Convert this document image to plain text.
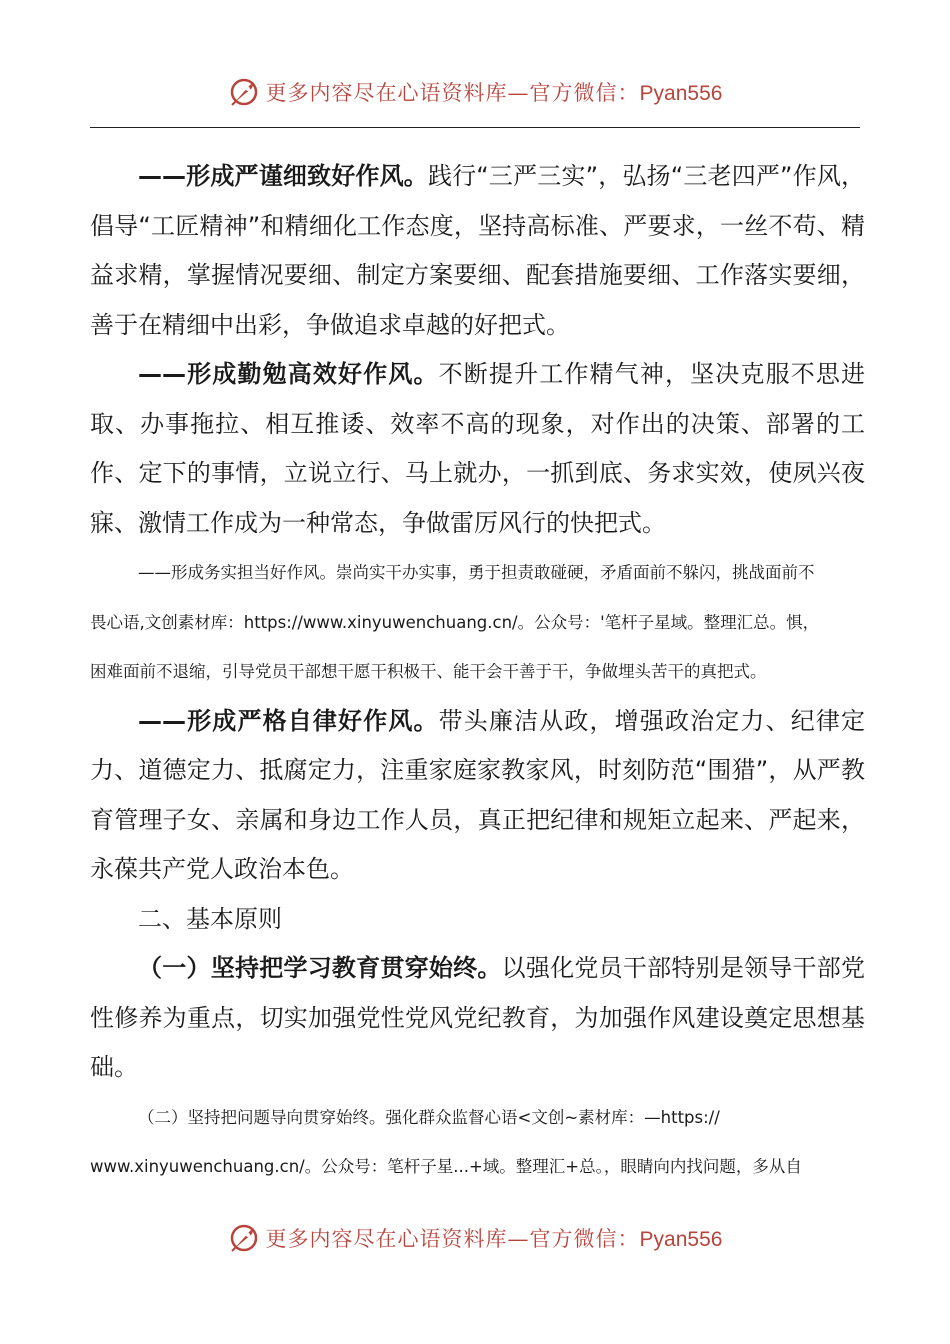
更多内容尽在心语资料库—官方微信：Pyan556

——形成严谨细致好作风。践行“三严三实”，弘扬“三老四严”作风，倡导“工匠精神”和精细化工作态度，坚持高标准、严要求，一丝不苟、精益求精，掌握情况要细、制定方案要细、配套措施要细、工作落实要细，善于在精细中出彩，争做追求卓越的好把式。

——形成勤勉高效好作风。不断提升工作精气神，坚决克服不思进取、办事拖拉、相互推诿、效率不高的现象，对作出的决策、部署的工作、定下的事情，立说立行、马上就办，一抓到底、务求实效，使夙兴夜寐、激情工作成为一种常态，争做雷厉风行的快把式。

——形成务实担当好作风。崇尚实干办实事，勇于担责敢碰硬，矛盾面前不躲闪，挑战面前不

畏心语,文创素材库：https://www.xinyuwenchuang.cn/。公众号：'笔杆子星域。整理汇总。惧，

困难面前不退缩，引导党员干部想干愿干积极干、能干会干善于干，争做埋头苦干的真把式。

——形成严格自律好作风。带头廉洁从政，增强政治定力、纪律定力、道德定力、抵腐定力，注重家庭家教家风，时刻防范“围猎”，从严教育管理子女、亲属和身边工作人员，真正把纪律和规矩立起来、严起来，永葆共产党人政治本色。

二、基本原则

（一）坚持把学习教育贯穿始终。以强化党员干部特别是领导干部党性修养为重点，切实加强党性党风党纪教育，为加强作风建设奠定思想基础。

（二）坚持把问题导向贯穿始终。强化群众监督心语<文创~素材库：—https://

www.xinyuwenchuang.cn/。公众号：笔杆子星...+域。整理汇+总。，眼睛向内找问题，多从自

更多内容尽在心语资料库—官方微信：Pyan556
